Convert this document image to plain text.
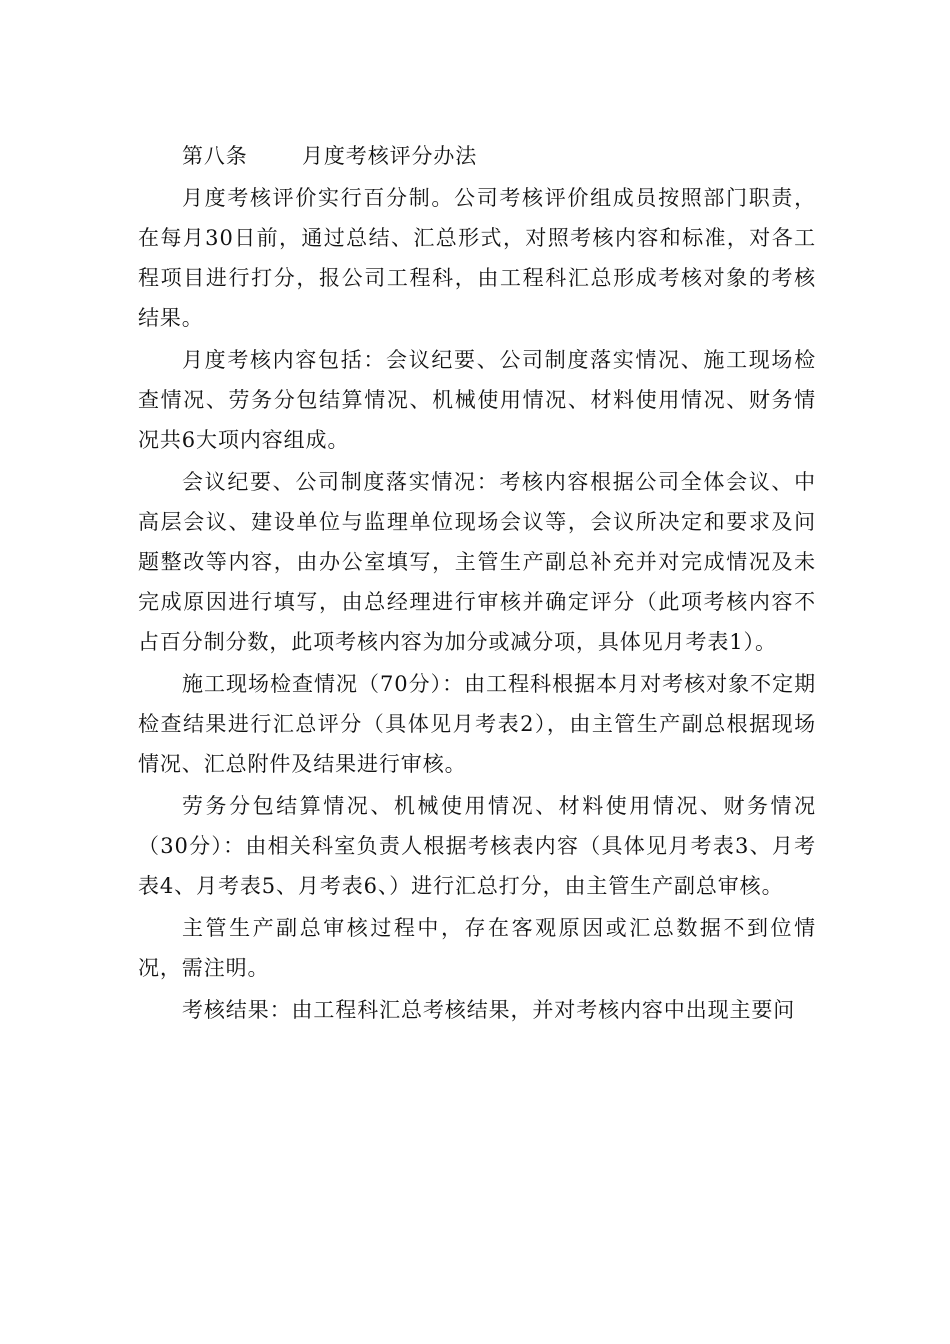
第八条	月度考核评分办法

月度考核评价实行百分制。公司考核评价组成员按照部门职责，在每月30日前，通过总结、汇总形式，对照考核内容和标准，对各工程项目进行打分，报公司工程科，由工程科汇总形成考核对象的考核结果。

月度考核内容包括：会议纪要、公司制度落实情况、施工现场检查情况、劳务分包结算情况、机械使用情况、材料使用情况、财务情况共6大项内容组成。

会议纪要、公司制度落实情况：考核内容根据公司全体会议、中高层会议、建设单位与监理单位现场会议等，会议所决定和要求及问题整改等内容，由办公室填写，主管生产副总补充并对完成情况及未完成原因进行填写，由总经理进行审核并确定评分（此项考核内容不占百分制分数，此项考核内容为加分或减分项，具体见月考表1）。

施工现场检查情况（70分）：由工程科根据本月对考核对象不定期检查结果进行汇总评分（具体见月考表2），由主管生产副总根据现场情况、汇总附件及结果进行审核。

劳务分包结算情况、机械使用情况、材料使用情况、财务情况（30分）：由相关科室负责人根据考核表内容（具体见月考表3、月考表4、月考表5、月考表6、）进行汇总打分，由主管生产副总审核。

主管生产副总审核过程中，存在客观原因或汇总数据不到位情况，需注明。

考核结果：由工程科汇总考核结果，并对考核内容中出现主要问
